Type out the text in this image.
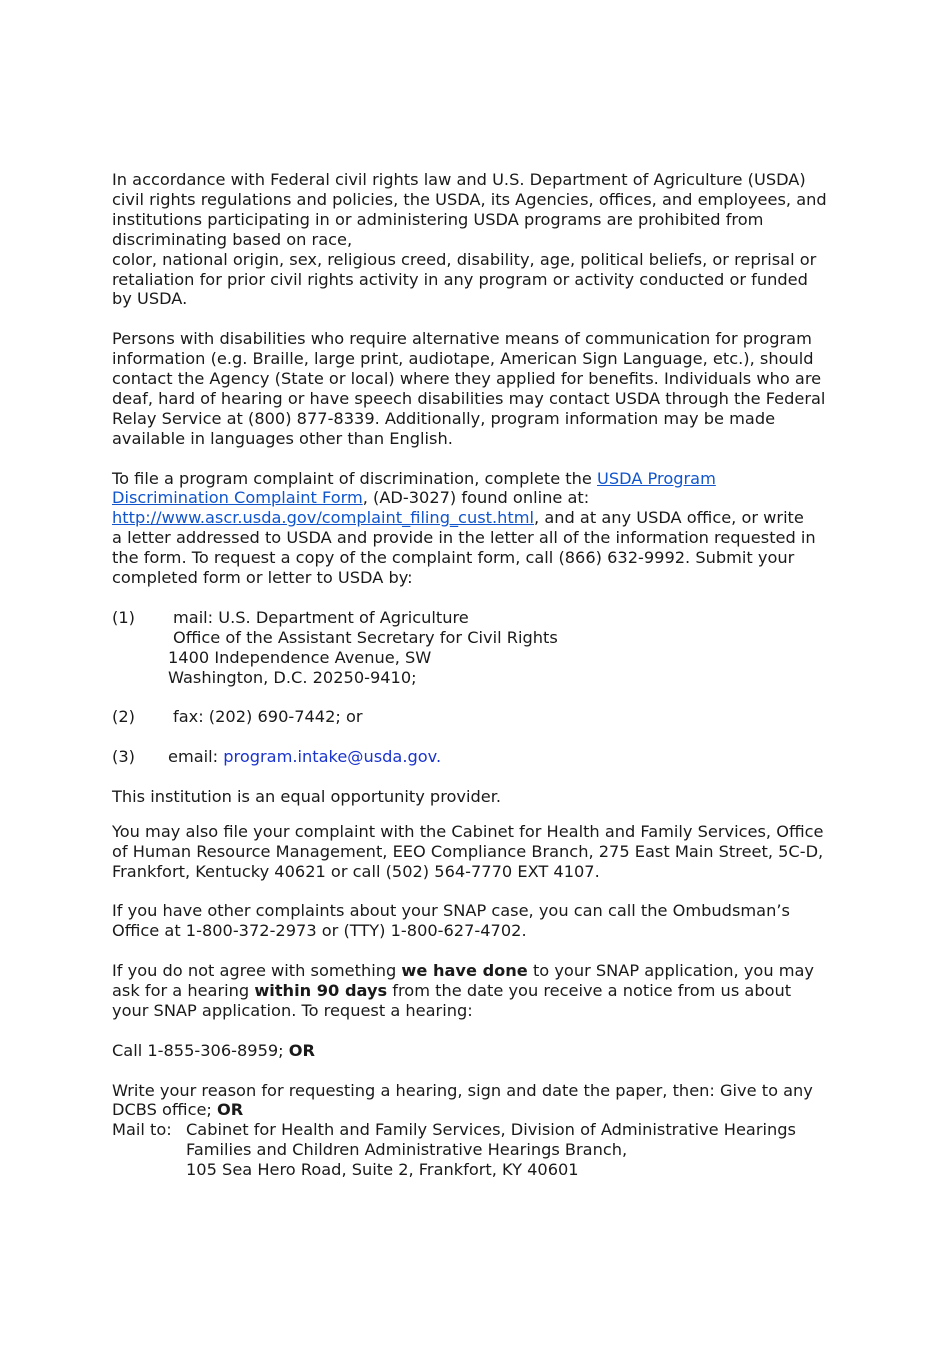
In accordance with Federal civil rights law and U.S. Department of Agriculture (USDA)
civil rights regulations and policies, the USDA, its Agencies, offices, and employees, and
institutions participating in or administering USDA programs are prohibited from
discriminating based on race,
color, national origin, sex, religious creed, disability, age, political beliefs, or reprisal or
retaliation for prior civil rights activity in any program or activity conducted or funded
by USDA.
Persons with disabilities who require alternative means of communication for program
information (e.g. Braille, large print, audiotape, American Sign Language, etc.), should
contact the Agency (State or local) where they applied for benefits. Individuals who are
deaf, hard of hearing or have speech disabilities may contact USDA through the Federal
Relay Service at (800) 877-8339. Additionally, program information may be made
available in languages other than English.
To file a program complaint of discrimination, complete the USDA Program
Discrimination Complaint Form, (AD-3027) found online at:
http://www.ascr.usda.gov/complaint_filing_cust.html, and at any USDA office, or write
a letter addressed to USDA and provide in the letter all of the information requested in
the form. To request a copy of the complaint form, call (866) 632-9992. Submit your
completed form or letter to USDA by:
(1) mail: U.S. Department of Agriculture
Office of the Assistant Secretary for Civil Rights
1400 Independence Avenue, SW
Washington, D.C. 20250-9410;
(2) fax: (202) 690-7442; or
(3) email: program.intake@usda.gov.
This institution is an equal opportunity provider.
You may also file your complaint with the Cabinet for Health and Family Services, Office
of Human Resource Management, EEO Compliance Branch, 275 East Main Street, 5C-D,
Frankfort, Kentucky 40621 or call (502) 564-7770 EXT 4107.
If you have other complaints about your SNAP case, you can call the Ombudsman’s
Office at 1-800-372-2973 or (TTY) 1-800-627-4702.
If you do not agree with something we have done to your SNAP application, you may
ask for a hearing within 90 days from the date you receive a notice from us about
your SNAP application. To request a hearing:
Call 1-855-306-8959; OR
Write your reason for requesting a hearing, sign and date the paper, then: Give to any
DCBS office; OR
Mail to: Cabinet for Health and Family Services, Division of Administrative Hearings
Families and Children Administrative Hearings Branch,
105 Sea Hero Road, Suite 2, Frankfort, KY 40601
